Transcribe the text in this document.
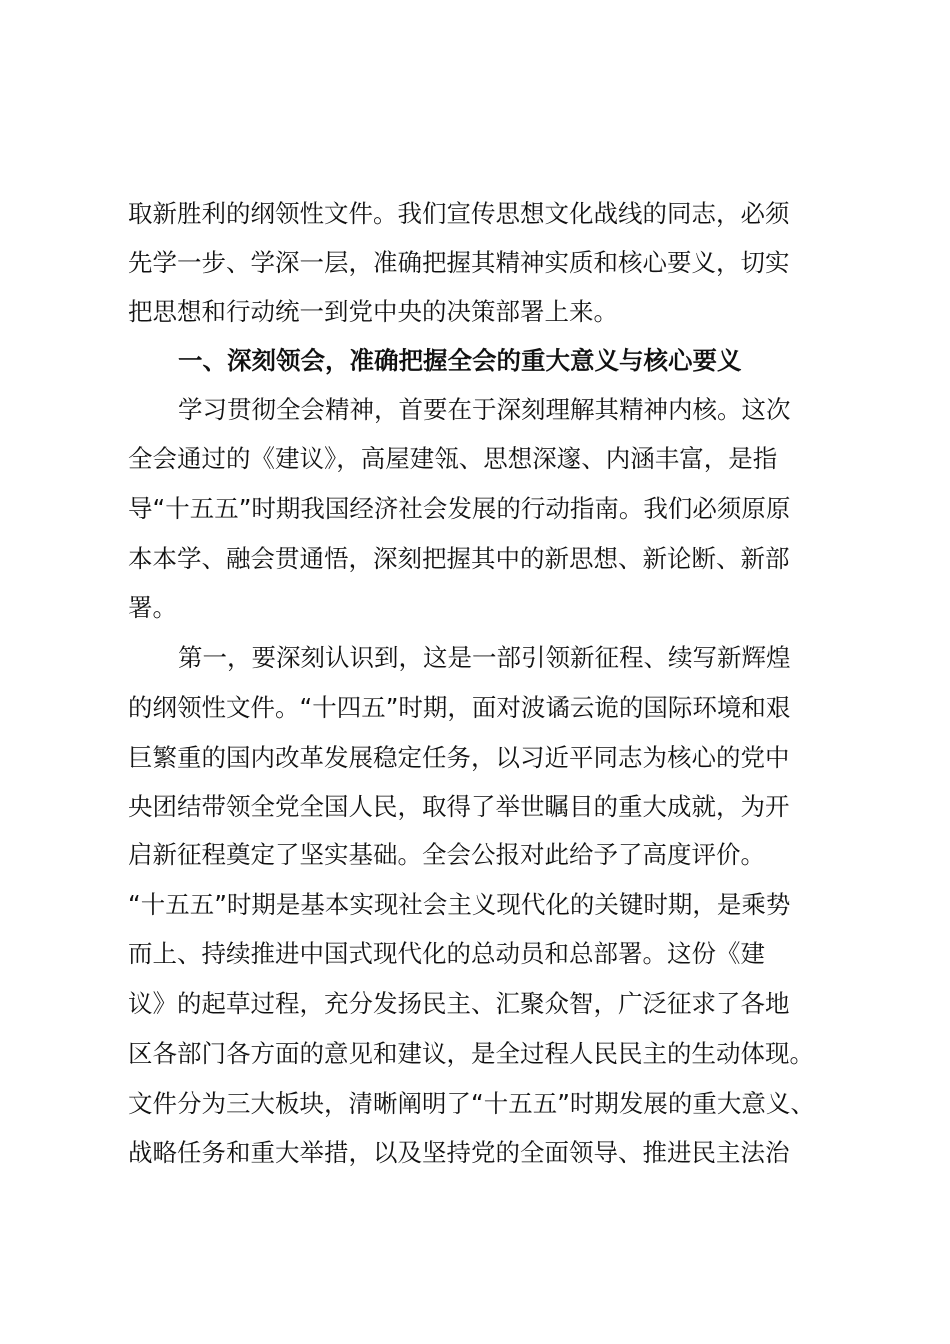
取新胜利的纲领性文件。我们宣传思想文化战线的同志，必须
先学一步、学深一层，准确把握其精神实质和核心要义，切实
把思想和行动统一到党中央的决策部署上来。
一、深刻领会，准确把握全会的重大意义与核心要义
学习贯彻全会精神，首要在于深刻理解其精神内核。这次
全会通过的《建议》，高屋建瓴、思想深邃、内涵丰富，是指
导“十五五”时期我国经济社会发展的行动指南。我们必须原原
本本学、融会贯通悟，深刻把握其中的新思想、新论断、新部
署。
第一，要深刻认识到，这是一部引领新征程、续写新辉煌
的纲领性文件。“十四五”时期，面对波谲云诡的国际环境和艰
巨繁重的国内改革发展稳定任务，以习近平同志为核心的党中
央团结带领全党全国人民，取得了举世瞩目的重大成就，为开
启新征程奠定了坚实基础。全会公报对此给予了高度评价。
“十五五”时期是基本实现社会主义现代化的关键时期，是乘势
而上、持续推进中国式现代化的总动员和总部署。这份《建
议》的起草过程，充分发扬民主、汇聚众智，广泛征求了各地
区各部门各方面的意见和建议，是全过程人民民主的生动体现。
文件分为三大板块，清晰阐明了“十五五”时期发展的重大意义、
战略任务和重大举措，以及坚持党的全面领导、推进民主法治
